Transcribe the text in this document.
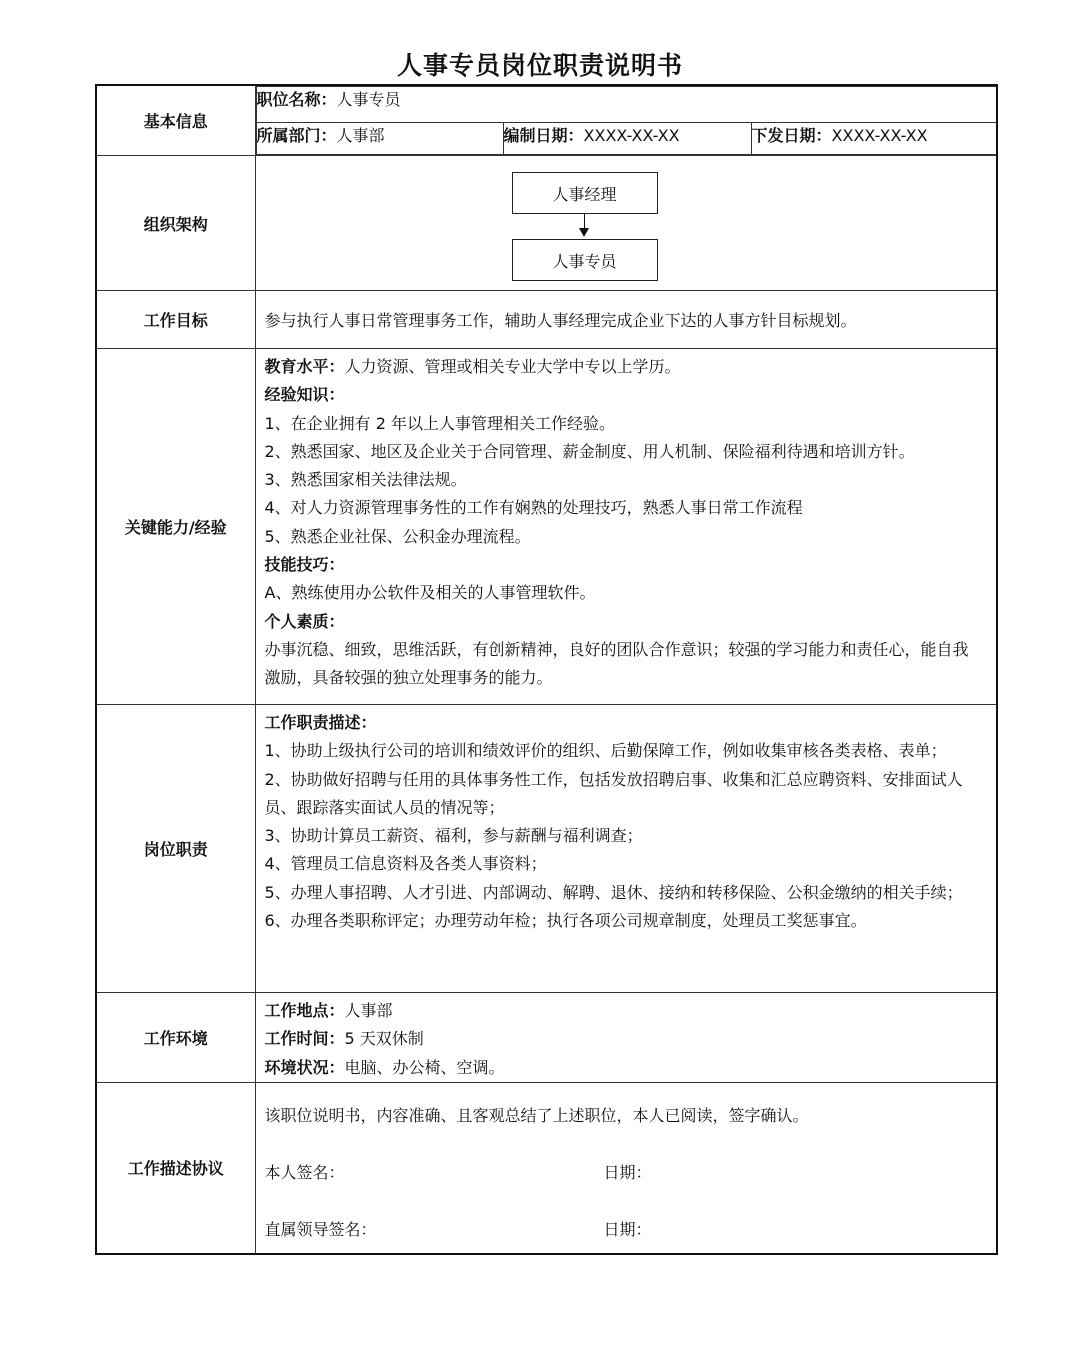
人事专员岗位职责说明书
基本信息	
职位名称：人事专员
所属部门：人事部	编制日期：XXXX-XX-XX	下发日期：XXXX-XX-XX

组织架构	
人事经理
人事专员

工作目标	参与执行人事日常管理事务工作，辅助人事经理完成企业下达的人事方针目标规划。

关键能力/经验	
教育水平：人力资源、管理或相关专业大学中专以上学历。
经验知识：
1、在企业拥有 2 年以上人事管理相关工作经验。
2、熟悉国家、地区及企业关于合同管理、薪金制度、用人机制、保险福利待遇和培训方针。
3、熟悉国家相关法律法规。
4、对人力资源管理事务性的工作有娴熟的处理技巧，熟悉人事日常工作流程
5、熟悉企业社保、公积金办理流程。
技能技巧：
A、熟练使用办公软件及相关的人事管理软件。
个人素质：
办事沉稳、细致，思维活跃，有创新精神，良好的团队合作意识；较强的学习能力和责任心，能自我
激励，具备较强的独立处理事务的能力。

岗位职责	
工作职责描述：
1、协助上级执行公司的培训和绩效评价的组织、后勤保障工作，例如收集审核各类表格、表单；
2、协助做好招聘与任用的具体事务性工作，包括发放招聘启事、收集和汇总应聘资料、安排面试人
员、跟踪落实面试人员的情况等；
3、协助计算员工薪资、福利，参与薪酬与福利调查；
4、管理员工信息资料及各类人事资料；
5、办理人事招聘、人才引进、内部调动、解聘、退休、接纳和转移保险、公积金缴纳的相关手续；
6、办理各类职称评定；办理劳动年检；执行各项公司规章制度，处理员工奖惩事宜。

工作环境	
工作地点：人事部
工作时间：5 天双休制
环境状况：电脑、办公椅、空调。

工作描述协议	
该职位说明书，内容准确、且客观总结了上述职位，本人已阅读，签字确认。
本人签名：	日期：
直属领导签名：	日期：
